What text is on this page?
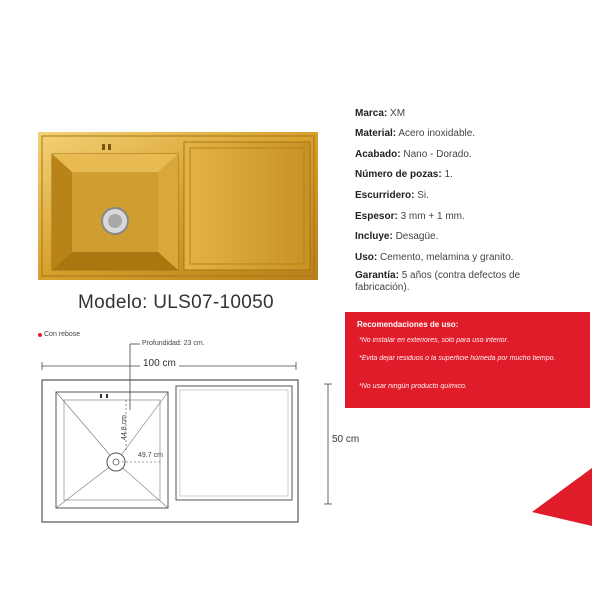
Marca: XM
Material: Acero inoxidable.
Acabado: Nano - Dorado.
Número de pozas: 1.
Escurridero: Si.
Espesor: 3 mm + 1 mm.
Incluye: Desagüe.
Uso: Cemento, melamina y granito.
Garantía: 5 años (contra defectos de fabricación).
Modelo: ULS07-10050
Recomendaciones de uso:
*No instalar en exteriores, solo para uso interior.
*Evita dejar residuos o la superficie húmeda por mucho tiempo.
*No usar ningún producto químico.
Con rebose
Profundidad: 23 cm.
100 cm
50 cm
44.8 cm
49.7 cm
